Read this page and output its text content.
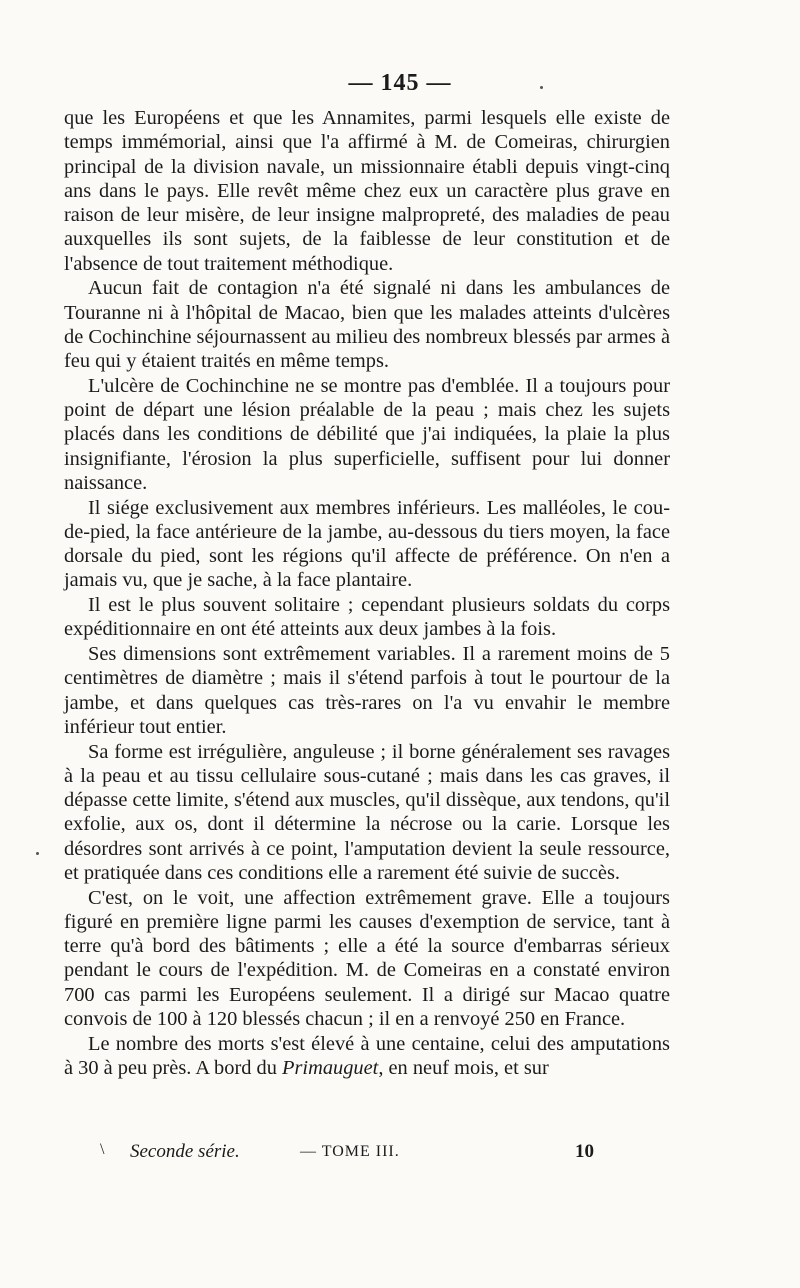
— 145 —

que les Européens et que les Annamites, parmi lesquels elle existe de temps immémorial, ainsi que l'a affirmé à M. de Comeiras, chirurgien principal de la division navale, un missionnaire établi depuis vingt-cinq ans dans le pays. Elle revêt même chez eux un caractère plus grave en raison de leur misère, de leur insigne malpropreté, des maladies de peau auxquelles ils sont sujets, de la faiblesse de leur constitution et de l'absence de tout traitement méthodique.

Aucun fait de contagion n'a été signalé ni dans les ambulances de Touranne ni à l'hôpital de Macao, bien que les malades atteints d'ulcères de Cochinchine séjournassent au milieu des nombreux blessés par armes à feu qui y étaient traités en même temps.

L'ulcère de Cochinchine ne se montre pas d'emblée. Il a toujours pour point de départ une lésion préalable de la peau ; mais chez les sujets placés dans les conditions de débilité que j'ai indiquées, la plaie la plus insignifiante, l'érosion la plus superficielle, suffisent pour lui donner naissance.

Il siége exclusivement aux membres inférieurs. Les malléoles, le cou-de-pied, la face antérieure de la jambe, au-dessous du tiers moyen, la face dorsale du pied, sont les régions qu'il affecte de préférence. On n'en a jamais vu, que je sache, à la face plantaire.

Il est le plus souvent solitaire ; cependant plusieurs soldats du corps expéditionnaire en ont été atteints aux deux jambes à la fois.

Ses dimensions sont extrêmement variables. Il a rarement moins de 5 centimètres de diamètre ; mais il s'étend parfois à tout le pourtour de la jambe, et dans quelques cas très-rares on l'a vu envahir le membre inférieur tout entier.

Sa forme est irrégulière, anguleuse ; il borne généralement ses ravages à la peau et au tissu cellulaire sous-cutané ; mais dans les cas graves, il dépasse cette limite, s'étend aux muscles, qu'il dissèque, aux tendons, qu'il exfolie, aux os, dont il détermine la nécrose ou la carie. Lorsque les désordres sont arrivés à ce point, l'amputation devient la seule ressource, et pratiquée dans ces conditions elle a rarement été suivie de succès.

C'est, on le voit, une affection extrêmement grave. Elle a toujours figuré en première ligne parmi les causes d'exemption de service, tant à terre qu'à bord des bâtiments ; elle a été la source d'embarras sérieux pendant le cours de l'expédition. M. de Comeiras en a constaté environ 700 cas parmi les Européens seulement. Il a dirigé sur Macao quatre convois de 100 à 120 blessés chacun ; il en a renvoyé 250 en France.

Le nombre des morts s'est élevé à une centaine, celui des amputations à 30 à peu près. A bord du Primauguet, en neuf mois, et sur

\ Seconde série.	— TOME III.	10
